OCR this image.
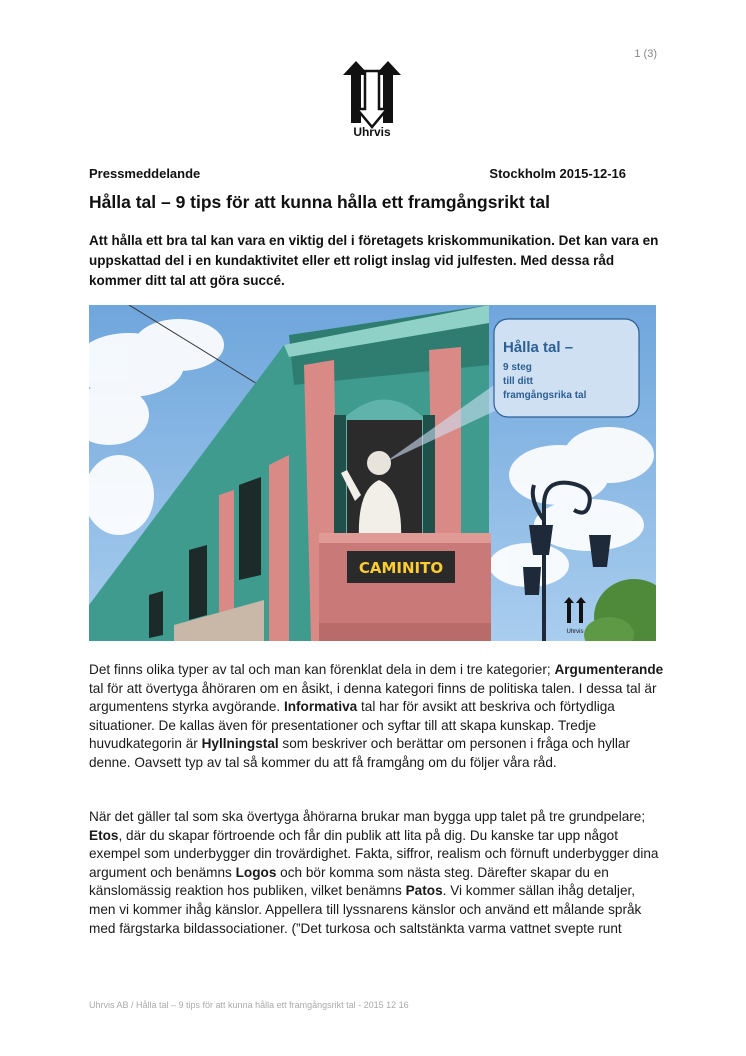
1 (3)
Uhrvis
Pressmeddelande	Stockholm 2015-12-16
Hålla tal – 9 tips för att kunna hålla ett framgångsrikt tal

Att hålla ett bra tal kan vara en viktig del i företagets kriskommunikation. Det kan vara en uppskattad del i en kundaktivitet eller ett roligt inslag vid julfesten. Med dessa råd kommer ditt tal att göra succé.

CAMINITO
Hålla tal –
9 steg
till ditt
framgångsrika tal
Uhrvis

Det finns olika typer av tal och man kan förenklat dela in dem i tre kategorier; Argumenterande tal för att övertyga åhöraren om en åsikt, i denna kategori finns de politiska talen. I dessa tal är argumentens styrka avgörande. Informativa tal har för avsikt att beskriva och förtydliga situationer. De kallas även för presentationer och syftar till att skapa kunskap. Tredje huvudkategorin är Hyllningstal som beskriver och berättar om personen i fråga och hyllar denne. Oavsett typ av tal så kommer du att få framgång om du följer våra råd.

När det gäller tal som ska övertyga åhörarna brukar man bygga upp talet på tre grundpelare; Etos, där du skapar förtroende och får din publik att lita på dig. Du kanske tar upp något exempel som underbygger din trovärdighet. Fakta, siffror, realism och förnuft underbygger dina argument och benämns Logos och bör komma som nästa steg. Därefter skapar du en känslomässig reaktion hos publiken, vilket benämns Patos. Vi kommer sällan ihåg detaljer, men vi kommer ihåg känslor. Appellera till lyssnarens känslor och använd ett målande språk med färgstarka bildassociationer. (”Det turkosa och saltstänkta varma vattnet svepte runt

Uhrvis AB / Hålla tal – 9 tips för att kunna hålla ett framgångsrikt tal - 2015 12 16
